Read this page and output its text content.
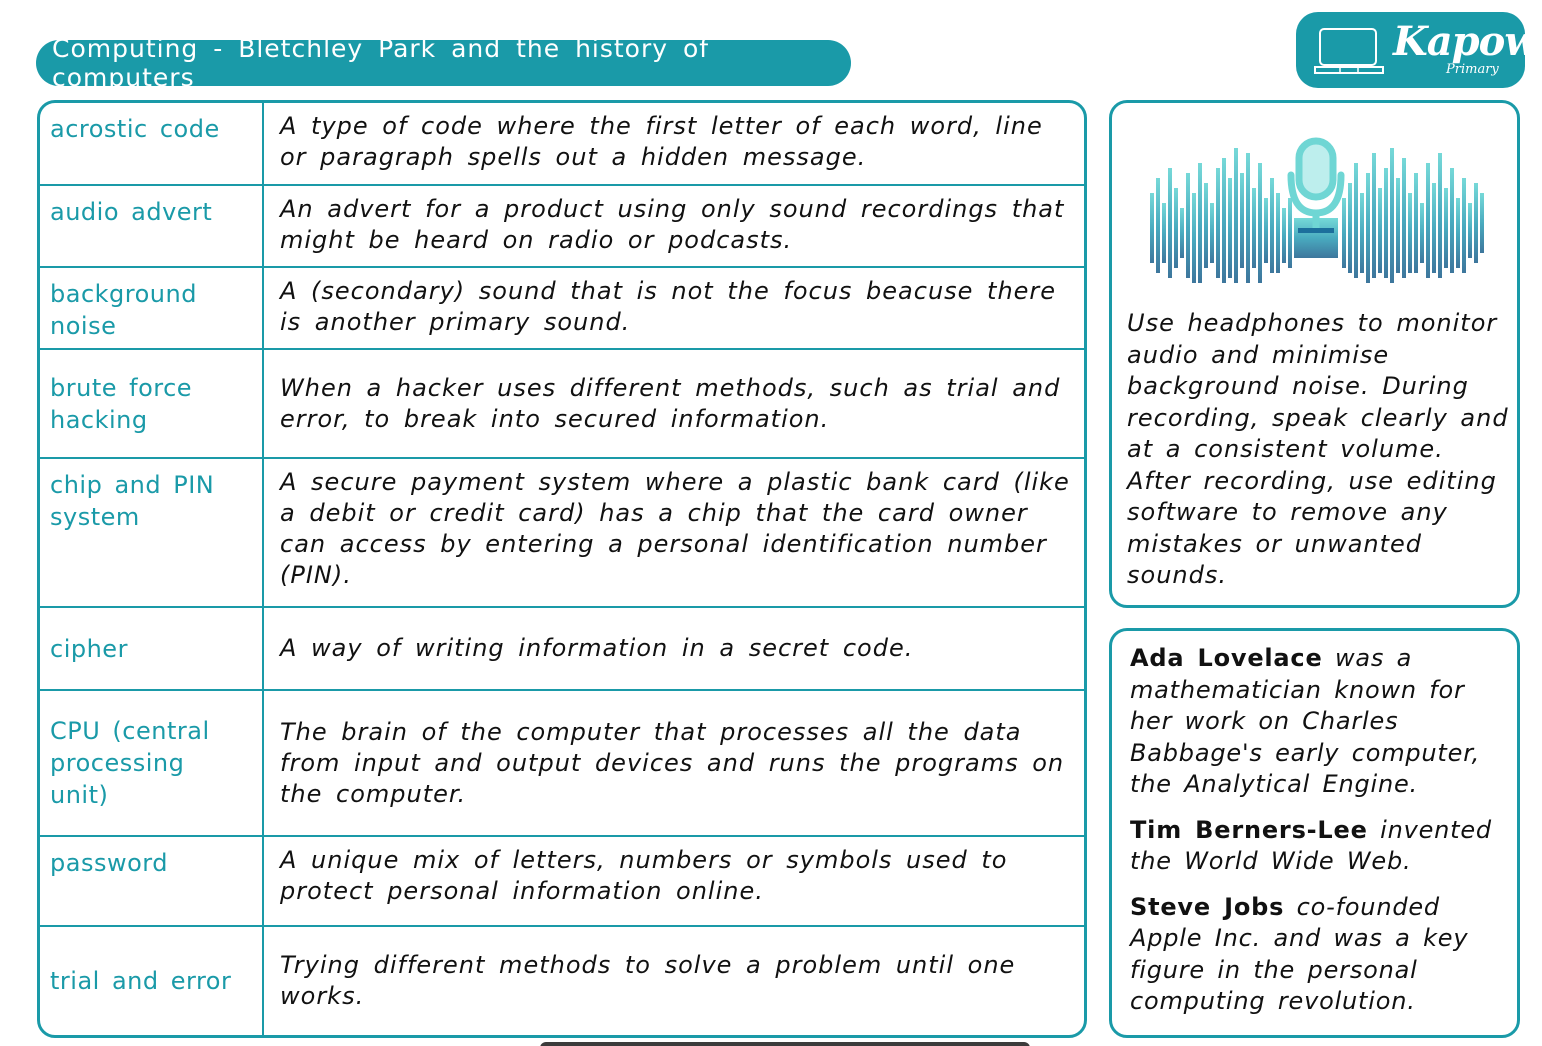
Computing - Bletchley Park and the history of computers
Kapow
Primary
acrostic code	A type of code where the first letter of each word, line or paragraph spells out a hidden message.
audio advert	An advert for a product using only sound recordings that might be heard on radio or podcasts.
background noise	A (secondary) sound that is not the focus beacuse there is another primary sound.
brute force hacking	When a hacker uses different methods, such as trial and error, to break into secured information.
chip and PIN system	A secure payment system where a plastic bank card (like a debit or credit card) has a chip that the card owner can access by entering a personal identification number (PIN).
cipher	A way of writing information in a secret code.
CPU (central processing unit)	The brain of the computer that processes all the data from input and output devices and runs the programs on the computer.
password	A unique mix of letters, numbers or symbols used to protect personal information online.
trial and error	Trying different methods to solve a problem until one works.
Use headphones to monitor audio and minimise background noise. During recording, speak clearly and at a consistent volume. After recording, use editing software to remove any mistakes or unwanted sounds.

Ada Lovelace was a mathematician known for her work on Charles Babbage's early computer, the Analytical Engine.

Tim Berners-Lee invented the World Wide Web.

Steve Jobs co-founded Apple Inc. and was a key figure in the personal computing revolution.
